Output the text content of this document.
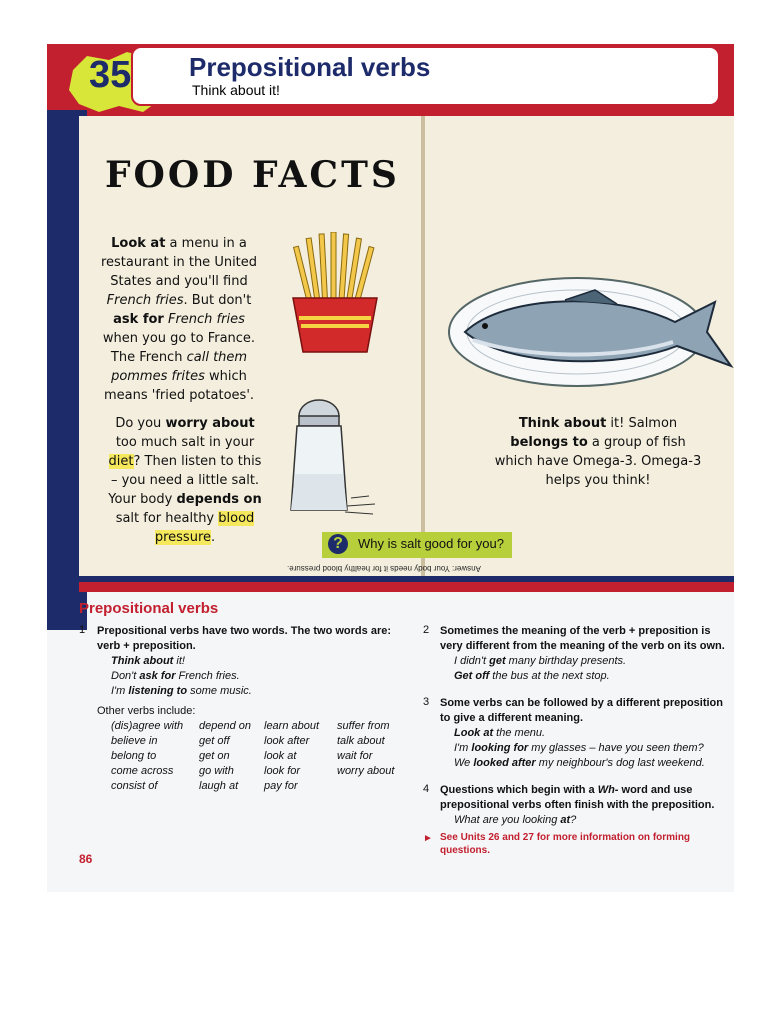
35 Prepositional verbs
Think about it!
FOOD FACTS
Look at a menu in a restaurant in the United States and you'll find French fries. But don't ask for French fries when you go to France. The French call them pommes frites which means 'fried potatoes'.
Do you worry about too much salt in your diet? Then listen to this – you need a little salt. Your body depends on salt for healthy blood pressure.
Think about it! Salmon belongs to a group of fish which have Omega-3. Omega-3 helps you think!
?	Why is salt good for you?
Answer: Your body needs it for healthy blood pressure.
Prepositional verbs
1 Prepositional verbs have two words. The two words are:
verb + preposition.
Think about it!
Don't ask for French fries.
I'm listening to some music.
Other verbs include:
(dis)agree with
believe in
belong to
come across
consist of
depend on
get off
get on
go with
laugh at
learn about
look after
look at
look for
pay for
suffer from
talk about
wait for
worry about
2 Sometimes the meaning of the verb + preposition is
very different from the meaning of the verb on its own.
I didn't get many birthday presents.
Get off the bus at the next stop.
3 Some verbs can be followed by a different preposition
to give a different meaning.
Look at the menu.
I'm looking for my glasses – have you seen them?
We looked after my neighbour's dog last weekend.
4 Questions which begin with a Wh- word and use
prepositional verbs often finish with the preposition.
What are you looking at?
► See Units 26 and 27 for more information on forming
questions.
86
